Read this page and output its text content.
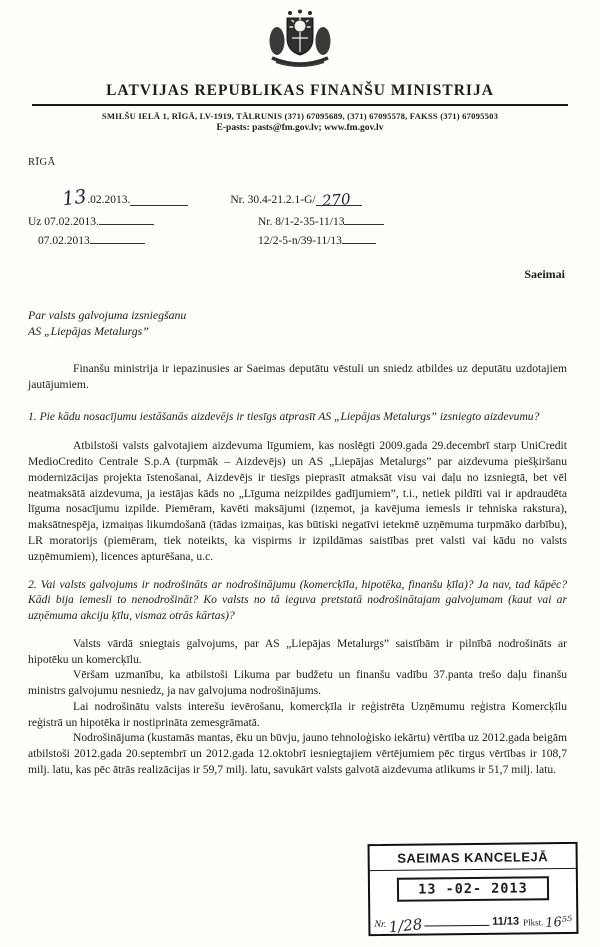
LATVIJAS REPUBLIKAS FINANŠU MINISTRIJA
SMILŠU IELĀ 1, RĪGĀ, LV-1919, TĀLRUNIS (371) 67095689, (371) 67095578, FAKSS (371) 67095503
E-pasts: pasts@fm.gov.lv; www.fm.gov.lv
RĪGĀ
13 .02.2013.	Nr. 30.4-21.2.1-G/ 270
Uz 07.02.2013.	Nr. 8/1-2-35-11/13
07.02.2013	12/2-5-n/39-11/13
Saeimai
Par valsts galvojuma izsniegšanu
AS „Liepājas Metalurgs”

Finanšu ministrija ir iepazinusies ar Saeimas deputātu vēstuli un sniedz atbildes uz deputātu uzdotajiem jautājumiem.

1. Pie kādu nosacījumu iestāšanās aizdevējs ir tiesīgs atprasīt AS „Liepājas Metalurgs” izsniegto aizdevumu?

Atbilstoši valsts galvotajiem aizdevuma līgumiem, kas noslēgti 2009.gada 29.decembrī starp UniCredit MedioCredito Centrale S.p.A (turpmāk – Aizdevējs) un AS „Liepājas Metalurgs” par aizdevuma piešķiršanu modernizācijas projekta īstenošanai, Aizdevējs ir tiesīgs pieprasīt atmaksāt visu vai daļu no izsniegtā, bet vēl neatmaksātā aizdevuma, ja iestājas kāds no „Līguma neizpildes gadījumiem”, t.i., netiek pildīti vai ir apdraudēta līguma nosacījumu izpilde. Piemēram, kavēti maksājumi (izņemot, ja kavējuma iemesls ir tehniska rakstura), maksātnespēja, izmaiņas likumdošanā (tādas izmaiņas, kas būtiski negatīvi ietekmē uzņēmuma turpmāko darbību), LR moratorijs (piemēram, tiek noteikts, ka vispirms ir izpildāmas saistības pret valsti vai kādu no valsts uzņēmumiem), licences apturēšana, u.c.

2. Vai valsts galvojums ir nodrošināts ar nodrošinājumu (komercķīla, hipotēka, finanšu ķīla)? Ja nav, tad kāpēc? Kādi bija iemesli to nenodrošināt? Ko valsts no tā ieguva pretstatā nodrošinātajam galvojumam (kaut vai ar uzņēmuma akciju ķīlu, vismaz otrās kārtas)?

Valsts vārdā sniegtais galvojums, par AS „Liepājas Metalurgs” saistībām ir pilnībā nodrošināts ar hipotēku un komercķīlu.

Vēršam uzmanību, ka atbilstoši Likuma par budžetu un finanšu vadību 37.panta trešo daļu finanšu ministrs galvojumu nesniedz, ja nav galvojuma nodrošinājums.

Lai nodrošinātu valsts interešu ievērošanu, komercķīla ir reģistrēta Uzņēmumu reģistra Komercķīlu reģistrā un hipotēka ir nostiprināta zemesgrāmatā.

Nodrošinājuma (kustamās mantas, ēku un būvju, jauno tehnoloģisko iekārtu) vērtība uz 2012.gada beigām atbilstoši 2012.gada 20.septembrī un 2012.gada 12.oktobrī iesniegtajiem vērtējumiem pēc tirgus vērtības ir 108,7 milj. latu, kas pēc ātrās realizācijas ir 59,7 milj. latu, savukārt valsts galvotā aizdevuma atlikums ir 51,7 milj. latu.

SAEIMAS KANCELEJĀ
13 -02- 2013
Nr. 1/28	11/13 Plkst. 16⁵⁵
